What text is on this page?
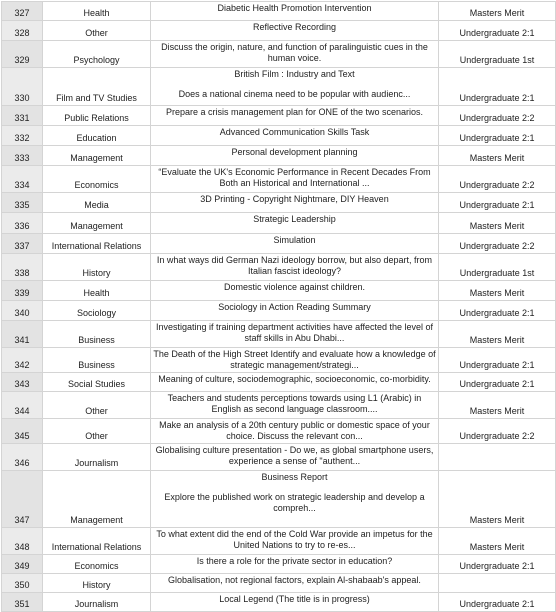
327	Health	Diabetic Health Promotion Intervention	Masters Merit
328	Other	Reflective Recording	Undergraduate 2:1
329	Psychology	Discuss the origin, nature, and function of paralinguistic cues in the human voice.	Undergraduate 1st
330	Film and TV Studies	British Film : Industry and Text
Does a national cinema need to be popular with audienc...	Undergraduate 2:1
331	Public Relations	Prepare a crisis management plan for ONE of the two scenarios.	Undergraduate 2:2
332	Education	Advanced Communication Skills Task	Undergraduate 2:1
333	Management	Personal development planning	Masters Merit
334	Economics	“Evaluate the UK's Economic Performance in Recent Decades From Both an Historical and International ...	Undergraduate 2:2
335	Media	3D Printing - Copyright Nightmare, DIY Heaven	Undergraduate 2:1
336	Management	Strategic Leadership	Masters Merit
337	International Relations	Simulation	Undergraduate 2:2
338	History	In what ways did German Nazi ideology borrow, but also depart, from Italian fascist ideology?	Undergraduate 1st
339	Health	Domestic violence against children.	Masters Merit
340	Sociology	Sociology in Action Reading Summary	Undergraduate 2:1
341	Business	Investigating if training department activities have affected the level of staff skills in Abu Dhabi...	Masters Merit
342	Business	The Death of the High Street Identify and evaluate how a knowledge of strategic management/strategi...	Undergraduate 2:1
343	Social Studies	Meaning of culture, sociodemographic, socioeconomic, co-morbidity.	Undergraduate 2:1
344	Other	Teachers and students perceptions towards using L1 (Arabic) in English as second language classroom....	Masters Merit
345	Other	Make an analysis of a 20th century public or domestic space of your choice. Discuss the relevant con...	Undergraduate 2:2
346	Journalism	Globalising culture presentation - Do we, as global smartphone users, experience a sense of "authent...	

347	Management	Business Report
Explore the published work on strategic leadership and develop a compreh...	Masters Merit
348	International Relations	To what extent did the end of the Cold War provide an impetus for the United Nations to try to re-es...	Masters Merit
349	Economics	Is there a role for the private sector in education?	Undergraduate 2:1
350	History	Globalisation, not regional factors, explain Al-shabaab's appeal.	

351	Journalism	Local Legend (The title is in progress)	Undergraduate 2:1
